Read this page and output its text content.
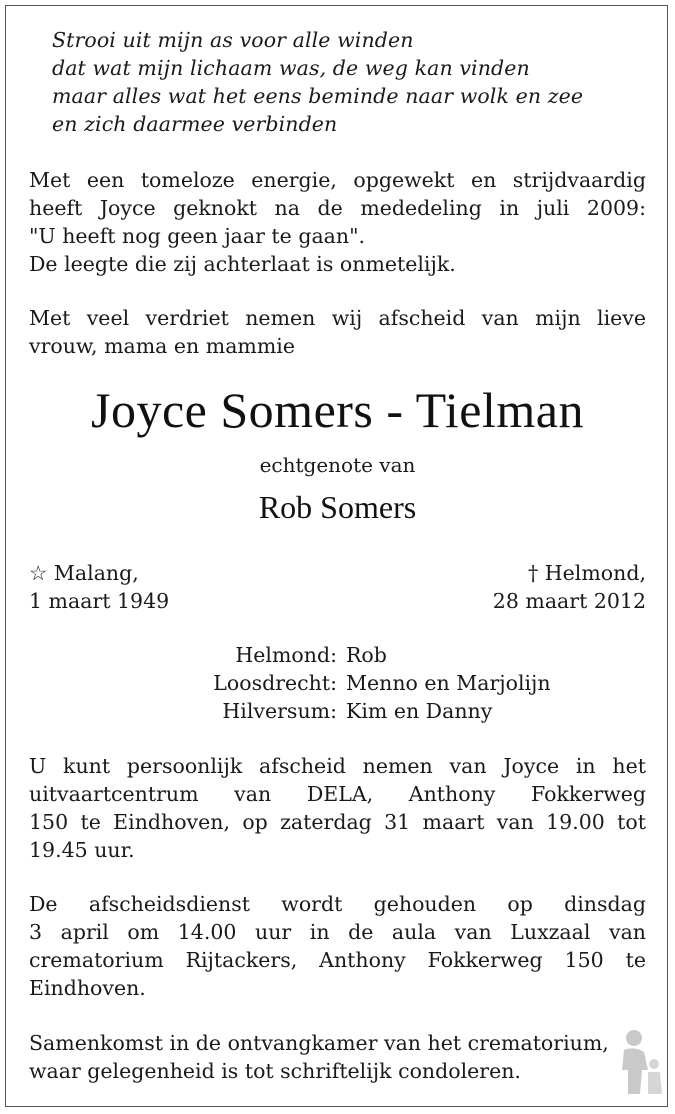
Strooi uit mijn as voor alle winden
dat wat mijn lichaam was, de weg kan vinden
maar alles wat het eens beminde naar wolk en zee
en zich daarmee verbinden
Met een tomeloze energie, opgewekt en strijdvaardig
heeft Joyce geknokt na de mededeling in juli 2009:
"U heeft nog geen jaar te gaan".
De leegte die zij achterlaat is onmetelijk.
Met veel verdriet nemen wij afscheid van mijn lieve
vrouw, mama en mammie
Joyce Somers - Tielman
echtgenote van
Rob Somers
☆ Malang,
1 maart 1949
† Helmond,
28 maart 2012
Helmond: Rob
Loosdrecht: Menno en Marjolijn
Hilversum: Kim en Danny
U kunt persoonlijk afscheid nemen van Joyce in het
uitvaartcentrum van DELA, Anthony Fokkerweg
150 te Eindhoven, op zaterdag 31 maart van 19.00 tot
19.45 uur.
De afscheidsdienst wordt gehouden op dinsdag
3 april om 14.00 uur in de aula van Luxzaal van
crematorium Rijtackers, Anthony Fokkerweg 150 te
Eindhoven.
Samenkomst in de ontvangkamer van het crematorium,
waar gelegenheid is tot schriftelijk condoleren.
